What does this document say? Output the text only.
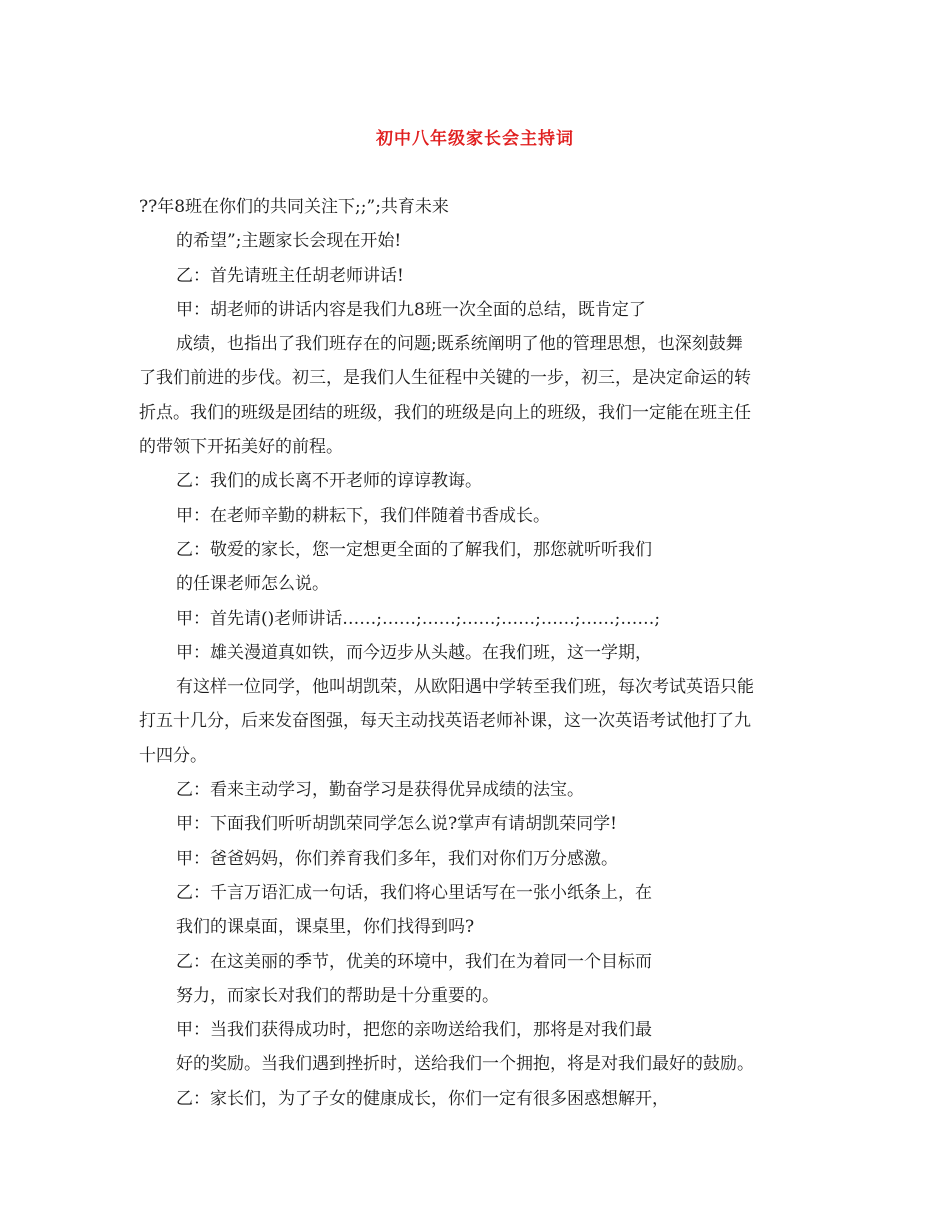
初中八年级家长会主持词
??年8班在你们的共同关注下;;”;共育未来
的希望”;主题家长会现在开始!
乙：首先请班主任胡老师讲话!
甲：胡老师的讲话内容是我们九8班一次全面的总结，既肯定了
成绩，也指出了我们班存在的问题;既系统阐明了他的管理思想，也深刻鼓舞
了我们前进的步伐。初三，是我们人生征程中关键的一步，初三，是决定命运的转
折点。我们的班级是团结的班级，我们的班级是向上的班级，我们一定能在班主任
的带领下开拓美好的前程。
乙：我们的成长离不开老师的谆谆教诲。
甲：在老师辛勤的耕耘下，我们伴随着书香成长。
乙：敬爱的家长，您一定想更全面的了解我们，那您就听听我们
的任课老师怎么说。
甲：首先请()老师讲话……;……;……;……;……;……;……;……;
甲：雄关漫道真如铁，而今迈步从头越。在我们班，这一学期，
有这样一位同学，他叫胡凯荣，从欧阳遇中学转至我们班，每次考试英语只能
打五十几分，后来发奋图强，每天主动找英语老师补课，这一次英语考试他打了九
十四分。
乙：看来主动学习，勤奋学习是获得优异成绩的法宝。
甲：下面我们听听胡凯荣同学怎么说?掌声有请胡凯荣同学!
甲：爸爸妈妈，你们养育我们多年，我们对你们万分感激。
乙：千言万语汇成一句话，我们将心里话写在一张小纸条上，在
我们的课桌面，课桌里，你们找得到吗?
乙：在这美丽的季节，优美的环境中，我们在为着同一个目标而
努力，而家长对我们的帮助是十分重要的。
甲：当我们获得成功时，把您的亲吻送给我们，那将是对我们最
好的奖励。当我们遇到挫折时，送给我们一个拥抱，将是对我们最好的鼓励。
乙：家长们，为了子女的健康成长，你们一定有很多困惑想解开，
